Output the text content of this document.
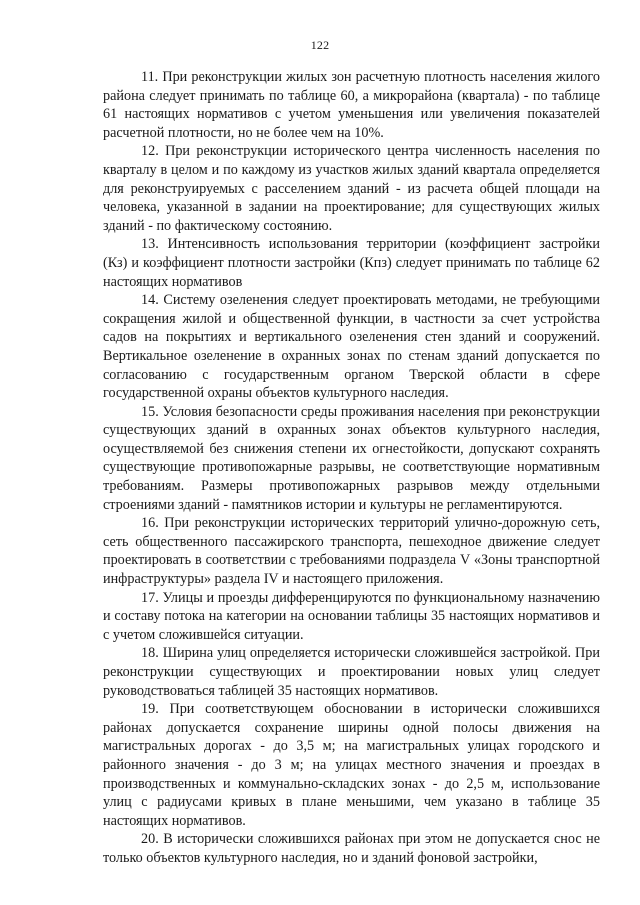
122

11. При реконструкции жилых зон расчетную плотность населения жилого района следует принимать по таблице 60, а микрорайона (квартала) - по таблице 61 настоящих нормативов с учетом уменьшения или увеличения показателей расчетной плотности, но не более чем на 10%.

12. При реконструкции исторического центра численность населения по кварталу в целом и по каждому из участков жилых зданий квартала определяется для реконструируемых с расселением зданий - из расчета общей площади на человека, указанной в задании на проектирование; для существующих жилых зданий - по фактическому состоянию.

13. Интенсивность использования территории (коэффициент застройки (Кз) и коэффициент плотности застройки (Кпз) следует принимать по таблице 62 настоящих нормативов

14. Систему озеленения следует проектировать методами, не требующими сокращения жилой и общественной функции, в частности за счет устройства садов на покрытиях и вертикального озеленения стен зданий и сооружений. Вертикальное озеленение в охранных зонах по стенам зданий допускается по согласованию с государственным органом Тверской области в сфере государственной охраны объектов культурного наследия.

15. Условия безопасности среды проживания населения при реконструкции существующих зданий в охранных зонах объектов культурного наследия, осуществляемой без снижения степени их огнестойкости, допускают сохранять существующие противопожарные разрывы, не соответствующие нормативным требованиям. Размеры противопожарных разрывов между отдельными строениями зданий - памятников истории и культуры не регламентируются.

16. При реконструкции исторических территорий улично-дорожную сеть, сеть общественного пассажирского транспорта, пешеходное движение следует проектировать в соответствии с требованиями подраздела V «Зоны транспортной инфраструктуры» раздела IV и настоящего приложения.

17. Улицы и проезды дифференцируются по функциональному назначению и составу потока на категории на основании таблицы 35 настоящих нормативов и с учетом сложившейся ситуации.

18. Ширина улиц определяется исторически сложившейся застройкой. При реконструкции существующих и проектировании новых улиц следует руководствоваться таблицей 35 настоящих нормативов.

19. При соответствующем обосновании в исторически сложившихся районах допускается сохранение ширины одной полосы движения на магистральных дорогах - до 3,5 м; на магистральных улицах городского и районного значения - до 3 м; на улицах местного значения и проездах в производственных и коммунально-складских зонах - до 2,5 м, использование улиц с радиусами кривых в плане меньшими, чем указано в таблице 35 настоящих нормативов.

20. В исторически сложившихся районах при этом не допускается снос не только объектов культурного наследия, но и зданий фоновой застройки,
